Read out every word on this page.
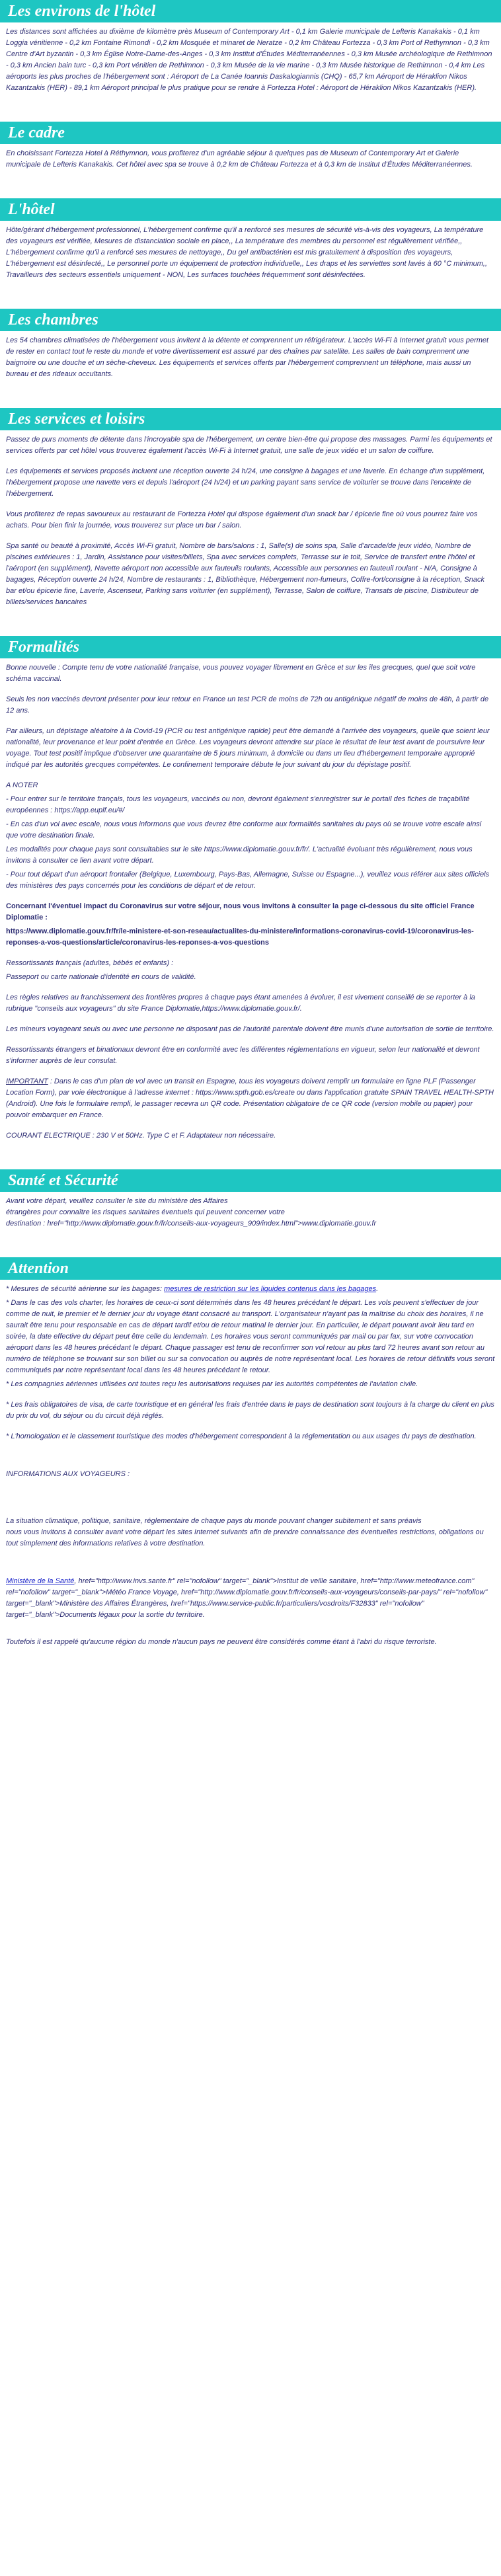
Les environs de l'hôtel

Les distances sont affichées au dixième de kilomètre près Museum of Contemporary Art - 0,1 km Galerie municipale de Lefteris Kanakakis - 0,1 km Loggia vénitienne - 0,2 km Fontaine Rimondi - 0,2 km Mosquée et minaret de Neratze - 0,2 km Château Fortezza - 0,3 km Port of Rethymnon - 0,3 km Centre d'Art byzantin - 0,3 km Église Notre-Dame-des-Anges - 0,3 km Institut d'Études Méditerranéennes - 0,3 km Musée archéologique de Rethimnon - 0,3 km Ancien bain turc - 0,3 km Port vénitien de Rethimnon - 0,3 km Musée de la vie marine - 0,3 km Musée historique de Rethimnon - 0,4 km Les aéroports les plus proches de l'hébergement sont : Aéroport de La Canée Ioannis Daskalogiannis (CHQ) - 65,7 km Aéroport de Héraklion Nikos Kazantzakis (HER) - 89,1 km Aéroport principal le plus pratique pour se rendre à Fortezza Hotel : Aéroport de Héraklion Nikos Kazantzakis (HER).

Le cadre

En choisissant Fortezza Hotel à Réthymnon, vous profiterez d'un agréable séjour à quelques pas de Museum of Contemporary Art et Galerie municipale de Lefteris Kanakakis. Cet hôtel avec spa se trouve à 0,2 km de Château Fortezza et à 0,3 km de Institut d'Études Méditerranéennes.

L'hôtel

Hôte/gérant d'hébergement professionnel, L'hébergement confirme qu'il a renforcé ses mesures de sécurité vis-à-vis des voyageurs, La température des voyageurs est vérifiée, Mesures de distanciation sociale en place,, La température des membres du personnel est régulièrement vérifiée,, L'hébergement confirme qu'il a renforcé ses mesures de nettoyage,, Du gel antibactérien est mis gratuitement à disposition des voyageurs, L'hébergement est désinfecté,, Le personnel porte un équipement de protection individuelle,, Les draps et les serviettes sont lavés à 60 °C minimum,, Travailleurs des secteurs essentiels uniquement - NON, Les surfaces touchées fréquemment sont désinfectées.

Les chambres

Les 54 chambres climatisées de l'hébergement vous invitent à la détente et comprennent un réfrigérateur. L'accès Wi-Fi à Internet gratuit vous permet de rester en contact tout le reste du monde et votre divertissement est assuré par des chaînes par satellite. Les salles de bain comprennent une baignoire ou une douche et un sèche-cheveux. Les équipements et services offerts par l'hébergement comprennent un téléphone, mais aussi un bureau et des rideaux occultants.

Les services et loisirs

Passez de purs moments de détente dans l'incroyable spa de l'hébergement, un centre bien-être qui propose des massages. Parmi les équipements et services offerts par cet hôtel vous trouverez également l'accès Wi-Fi à Internet gratuit, une salle de jeux vidéo et un salon de coiffure.

Les équipements et services proposés incluent une réception ouverte 24 h/24, une consigne à bagages et une laverie. En échange d'un supplément, l'hébergement propose une navette vers et depuis l'aéroport (24 h/24) et un parking payant sans service de voiturier se trouve dans l'enceinte de l'hébergement.

Vous profiterez de repas savoureux au restaurant de Fortezza Hotel qui dispose également d'un snack bar / épicerie fine où vous pourrez faire vos achats. Pour bien finir la journée, vous trouverez sur place un bar / salon.

Spa santé ou beauté à proximité, Accès Wi-Fi gratuit, Nombre de bars/salons : 1, Salle(s) de soins spa, Salle d'arcade/de jeux vidéo, Nombre de piscines extérieures : 1, Jardin, Assistance pour visites/billets, Spa avec services complets, Terrasse sur le toit, Service de transfert entre l'hôtel et l'aéroport (en supplément), Navette aéroport non accessible aux fauteuils roulants, Accessible aux personnes en fauteuil roulant - N/A, Consigne à bagages, Réception ouverte 24 h/24, Nombre de restaurants : 1, Bibliothèque, Hébergement non-fumeurs, Coffre-fort/consigne à la réception, Snack bar et/ou épicerie fine, Laverie, Ascenseur, Parking sans voiturier (en supplément), Terrasse, Salon de coiffure, Transats de piscine, Distributeur de billets/services bancaires

Formalités

Bonne nouvelle : Compte tenu de votre nationalité française, vous pouvez voyager librement en Grèce et sur les îles grecques, quel que soit votre schéma vaccinal.

Seuls les non vaccinés devront présenter pour leur retour en France un test PCR de moins de 72h ou antigénique négatif de moins de 48h, à partir de 12 ans.

Par ailleurs, un dépistage aléatoire à la Covid-19 (PCR ou test antigénique rapide) peut être demandé à l'arrivée des voyageurs, quelle que soient leur nationalité, leur provenance et leur point d'entrée en Grèce. Les voyageurs devront attendre sur place le résultat de leur test avant de poursuivre leur voyage. Tout test positif implique d'observer une quarantaine de 5 jours minimum, à domicile ou dans un lieu d'hébergement temporaire approprié indiqué par les autorités grecques compétentes. Le confinement temporaire débute le jour suivant du jour du dépistage positif.

A NOTER

- Pour entrer sur le territoire français, tous les voyageurs, vaccinés ou non, devront également s'enregistrer sur le portail des fiches de traçabilité européennes : https://app.euplf.eu/#/

- En cas d'un vol avec escale, nous vous informons que vous devrez être conforme aux formalités sanitaires du pays où se trouve votre escale ainsi que votre destination finale.

Les modalités pour chaque pays sont consultables sur le site https://www.diplomatie.gouv.fr/fr/. L'actualité évoluant très régulièrement, nous vous invitons à consulter ce lien avant votre départ.

- Pour tout départ d'un aéroport frontalier (Belgique, Luxembourg, Pays-Bas, Allemagne, Suisse ou Espagne...), veuillez vous référer aux sites officiels des ministères des pays concernés pour les conditions de départ et de retour.

Concernant l'éventuel impact du Coronavirus sur votre séjour, nous vous invitons à consulter la page ci-dessous du site officiel France Diplomatie :

https://www.diplomatie.gouv.fr/fr/le-ministere-et-son-reseau/actualites-du-ministere/informations-coronavirus-covid-19/coronavirus-les-reponses-a-vos-questions/article/coronavirus-les-reponses-a-vos-questions

Ressortissants français (adultes, bébés et enfants) :

Passeport ou carte nationale d'identité en cours de validité.

Les règles relatives au franchissement des frontières propres à chaque pays étant amenées à évoluer, il est vivement conseillé de se reporter à la rubrique "conseils aux voyageurs" du site France Diplomatie,https://www.diplomatie.gouv.fr/.

Les mineurs voyageant seuls ou avec une personne ne disposant pas de l'autorité parentale doivent être munis d'une autorisation de sortie de territoire.

Ressortissants étrangers et binationaux devront être en conformité avec les différentes réglementations en vigueur, selon leur nationalité et devront s'informer auprès de leur consulat.

IMPORTANT : Dans le cas d'un plan de vol avec un transit en Espagne, tous les voyageurs doivent remplir un formulaire en ligne PLF (Passenger Location Form), par voie électronique à l'adresse internet : https://www.spth.gob.es/create ou dans l'application gratuite SPAIN TRAVEL HEALTH-SPTH (Android). Une fois le formulaire rempli, le passager recevra un QR code. Présentation obligatoire de ce QR code (version mobile ou papier) pour pouvoir embarquer en France.

COURANT ELECTRIQUE : 230 V et 50Hz. Type C et F. Adaptateur non nécessaire.

Santé et Sécurité

Avant votre départ, veuillez consulter le site du ministère des Affaires

étrangères pour connaître les risques sanitaires éventuels qui peuvent concerner votre

destination : href="http://www.diplomatie.gouv.fr/fr/conseils-aux-voyageurs_909/index.html">www.diplomatie.gouv.fr

Attention

* Mesures de sécurité aérienne sur les bagages: mesures de restriction sur les liquides contenus dans les bagages.

* Dans le cas des vols charter, les horaires de ceux-ci sont déterminés dans les 48 heures précédant le départ. Les vols peuvent s'effectuer de jour comme de nuit, le premier et le dernier jour du voyage étant consacré au transport. L'organisateur n'ayant pas la maîtrise du choix des horaires, il ne saurait être tenu pour responsable en cas de départ tardif et/ou de retour matinal le dernier jour. En particulier, le départ pouvant avoir lieu tard en soirée, la date effective du départ peut être celle du lendemain. Les horaires vous seront communiqués par mail ou par fax, sur votre convocation aéroport dans les 48 heures précédant le départ. Chaque passager est tenu de reconfirmer son vol retour au plus tard 72 heures avant son retour au numéro de téléphone se trouvant sur son billet ou sur sa convocation ou auprès de notre représentant local. Les horaires de retour définitifs vous seront communiqués par notre représentant local dans les 48 heures précédant le retour.

* Les compagnies aériennes utilisées ont toutes reçu les autorisations requises par les autorités compétentes de l'aviation civile.

* Les frais obligatoires de visa, de carte touristique et en général les frais d'entrée dans le pays de destination sont toujours à la charge du client en plus du prix du vol, du séjour ou du circuit déjà réglés.

* L'homologation et le classement touristique des modes d'hébergement correspondent à la réglementation ou aux usages du pays de destination.

INFORMATIONS AUX VOYAGEURS :

La situation climatique, politique, sanitaire, réglementaire de chaque pays du monde pouvant changer subitement et sans préavis

nous vous invitons à consulter avant votre départ les sites Internet suivants afin de prendre connaissance des éventuelles restrictions, obligations ou tout simplement des informations relatives à votre destination.

Ministère de la Santé, href="http://www.invs.sante.fr" rel="nofollow" target="_blank">Institut de veille sanitaire, href="http://www.meteofrance.com" rel="nofollow" target="_blank">Météo France Voyage, href="http://www.diplomatie.gouv.fr/fr/conseils-aux-voyageurs/conseils-par-pays/" rel="nofollow" target="_blank">Ministère des Affaires Étrangères, href="https://www.service-public.fr/particuliers/vosdroits/F32833" rel="nofollow" target="_blank">Documents légaux pour la sortie du territoire.

Toutefois il est rappelé qu'aucune région du monde n'aucun pays ne peuvent être considérés comme étant à l'abri du risque terroriste.
